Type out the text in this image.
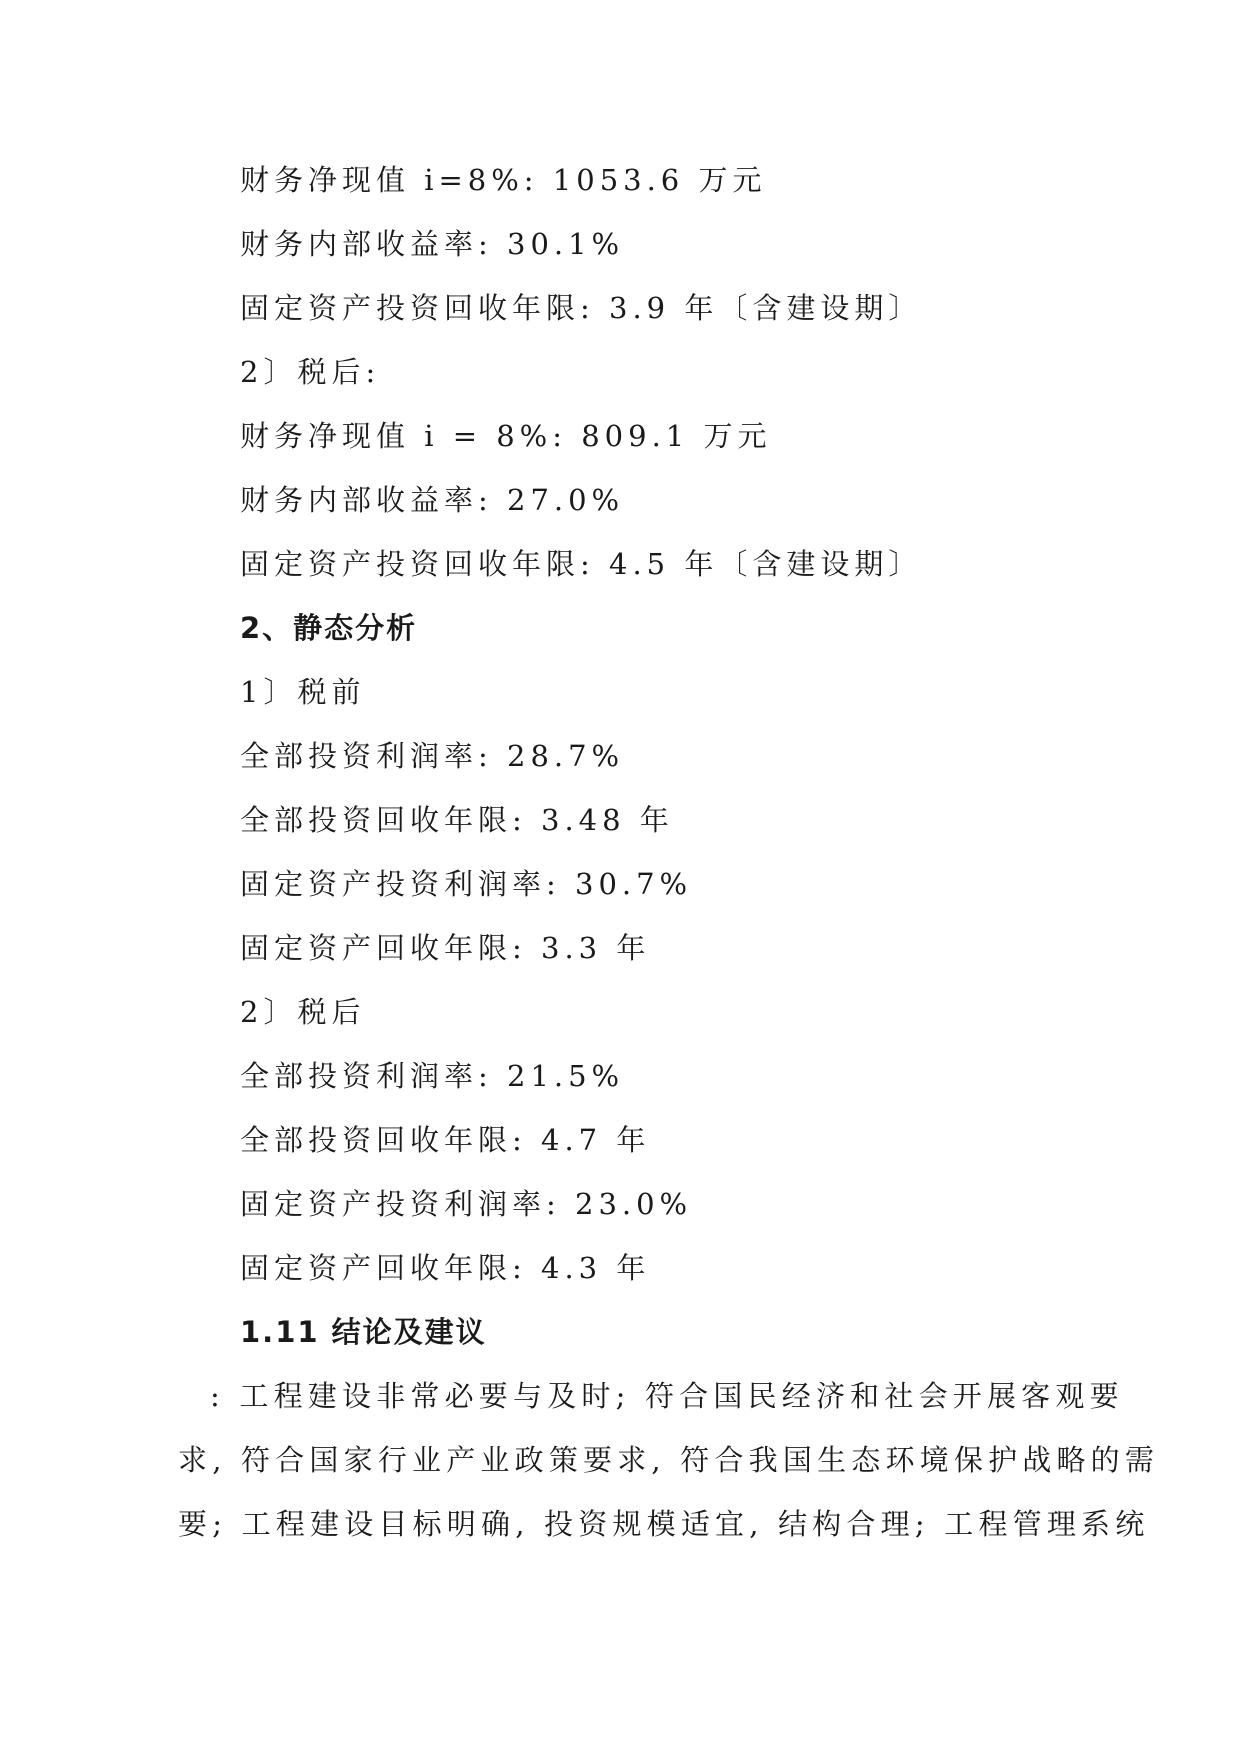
财务净现值 i=8%: 1053.6 万元
财务内部收益率: 30.1%
固定资产投资回收年限: 3.9 年〔含建设期〕
2〕税后:
财务净现值 i = 8%: 809.1 万元
财务内部收益率: 27.0%
固定资产投资回收年限: 4.5 年〔含建设期〕
2、静态分析
1〕税前
全部投资利润率: 28.7%
全部投资回收年限: 3.48 年
固定资产投资利润率: 30.7%
固定资产回收年限: 3.3 年
2〕税后
全部投资利润率: 21.5%
全部投资回收年限: 4.7 年
固定资产投资利润率: 23.0%
固定资产回收年限: 4.3 年
1.11 结论及建议
: 工程建设非常必要与及时; 符合国民经济和社会开展客观要
求, 符合国家行业产业政策要求, 符合我国生态环境保护战略的需
要; 工程建设目标明确, 投资规模适宜, 结构合理; 工程管理系统
